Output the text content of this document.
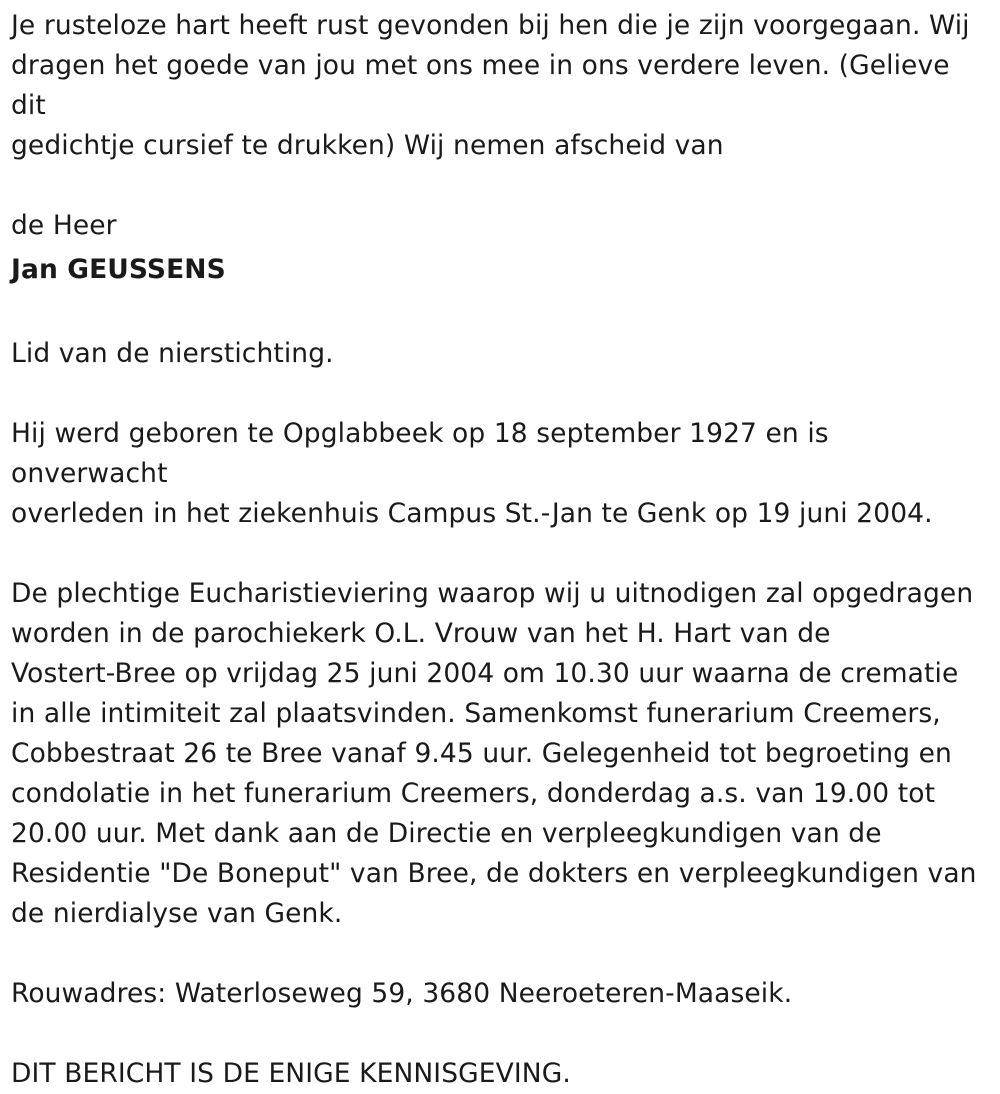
Je rusteloze hart heeft rust gevonden bij hen die je zijn voorgegaan. Wij
dragen het goede van jou met ons mee in ons verdere leven. (Gelieve dit
gedichtje cursief te drukken) Wij nemen afscheid van

de Heer

Jan GEUSSENS

Lid van de nierstichting.

Hij werd geboren te Opglabbeek op 18 september 1927 en is onverwacht
overleden in het ziekenhuis Campus St.-Jan te Genk op 19 juni 2004.

De plechtige Eucharistieviering waarop wij u uitnodigen zal opgedragen
worden in de parochiekerk O.L. Vrouw van het H. Hart van de
Vostert-Bree op vrijdag 25 juni 2004 om 10.30 uur waarna de crematie
in alle intimiteit zal plaatsvinden. Samenkomst funerarium Creemers,
Cobbestraat 26 te Bree vanaf 9.45 uur. Gelegenheid tot begroeting en
condolatie in het funerarium Creemers, donderdag a.s. van 19.00 tot
20.00 uur. Met dank aan de Directie en verpleegkundigen van de
Residentie "De Boneput" van Bree, de dokters en verpleegkundigen van
de nierdialyse van Genk.

Rouwadres: Waterloseweg 59, 3680 Neeroeteren-Maaseik.

DIT BERICHT IS DE ENIGE KENNISGEVING.
